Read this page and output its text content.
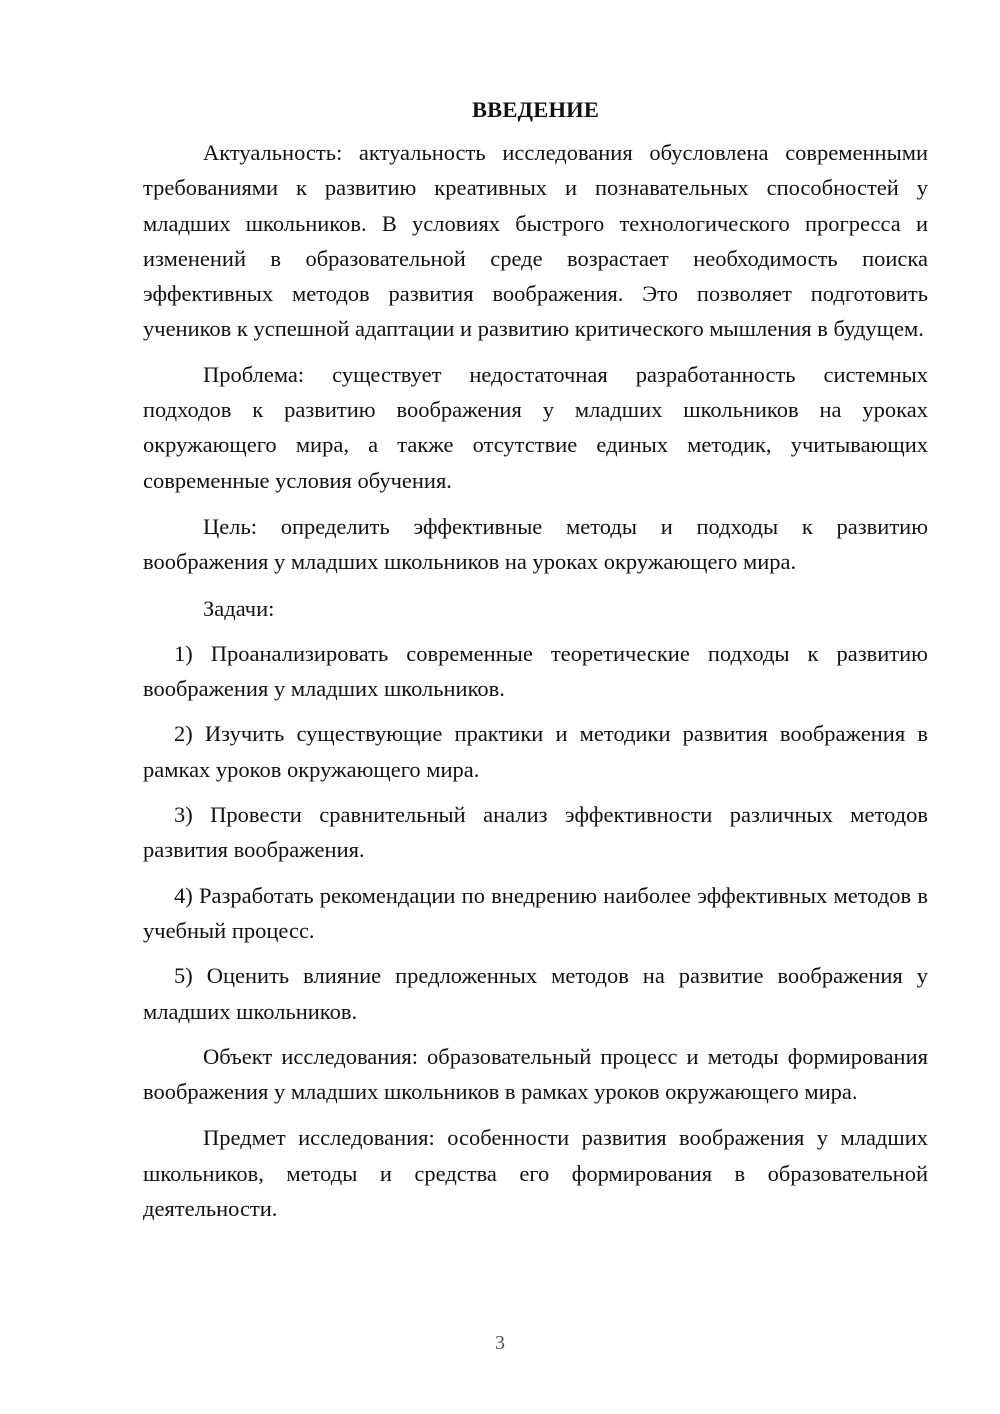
ВВЕДЕНИЕ

Актуальность: актуальность исследования обусловлена современными требованиями к развитию креативных и познавательных способностей у младших школьников. В условиях быстрого технологического прогресса и изменений в образовательной среде возрастает необходимость поиска эффективных методов развития воображения. Это позволяет подготовить учеников к успешной адаптации и развитию критического мышления в будущем.

Проблема: существует недостаточная разработанность системных подходов к развитию воображения у младших школьников на уроках окружающего мира, а также отсутствие единых методик, учитывающих современные условия обучения.

Цель: определить эффективные методы и подходы к развитию воображения у младших школьников на уроках окружающего мира.

Задачи:

1) Проанализировать современные теоретические подходы к развитию воображения у младших школьников.

2) Изучить существующие практики и методики развития воображения в рамках уроков окружающего мира.

3) Провести сравнительный анализ эффективности различных методов развития воображения.

4) Разработать рекомендации по внедрению наиболее эффективных методов в учебный процесс.

5) Оценить влияние предложенных методов на развитие воображения у младших школьников.

Объект исследования: образовательный процесс и методы формирования воображения у младших школьников в рамках уроков окружающего мира.

Предмет исследования: особенности развития воображения у младших школьников, методы и средства его формирования в образовательной деятельности.

3
